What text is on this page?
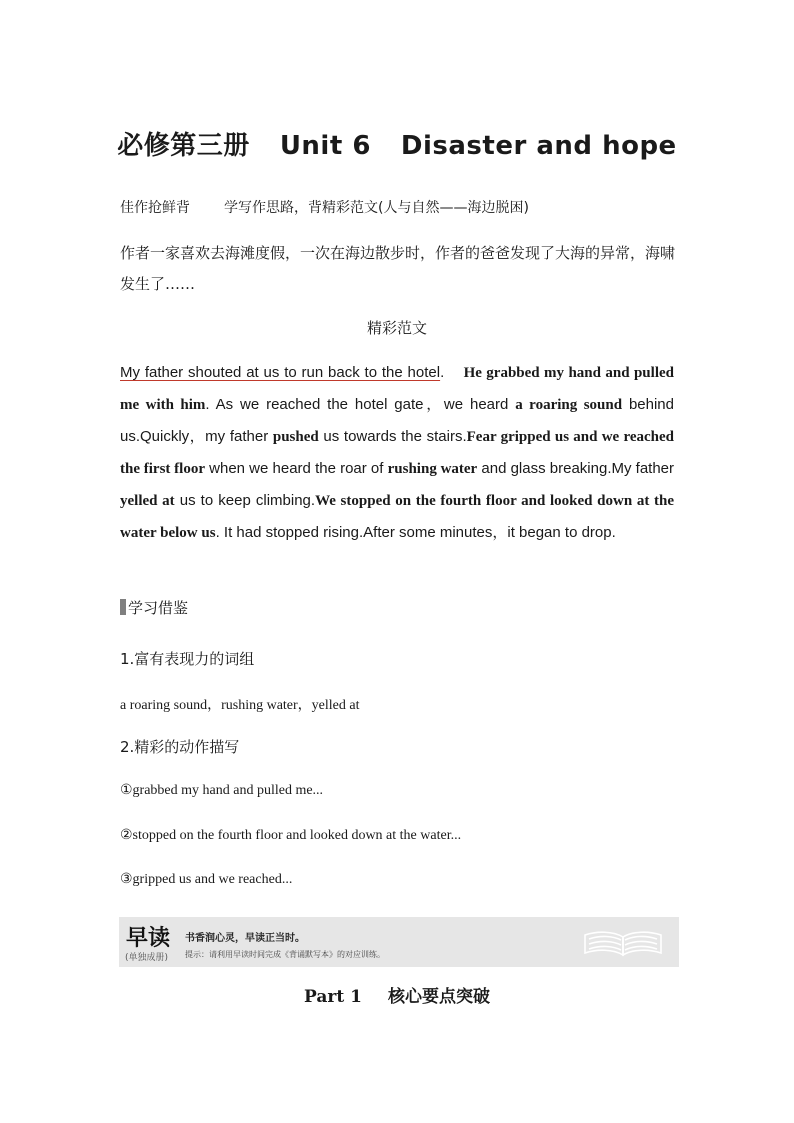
必修第三册 Unit 6 Disaster and hope
佳作抢鲜背 学写作思路，背精彩范文(人与自然——海边脱困)
作者一家喜欢去海滩度假，一次在海边散步时，作者的爸爸发现了大海的异常，海啸发生了……
精彩范文
My father shouted at us to run back to the hotel. He grabbed my hand and pulled me with him. As we reached the hotel gate，we heard a roaring sound behind us.Quickly，my father pushed us towards the stairs.Fear gripped us and we reached the first floor when we heard the roar of rushing water and glass breaking.My father yelled at us to keep climbing.We stopped on the fourth floor and looked down at the water below us. It had stopped rising.After some minutes，it began to drop.
学习借鉴
1.富有表现力的词组
a roaring sound，rushing water，yelled at
2.精彩的动作描写
①grabbed my hand and pulled me...
②stopped on the fourth floor and looked down at the water...
③gripped us and we reached...
早读
(单独成册)
书香润心灵，早读正当时。
提示：请利用早读时间完成《背诵默写本》的对应训练。
Part 1 核心要点突破
